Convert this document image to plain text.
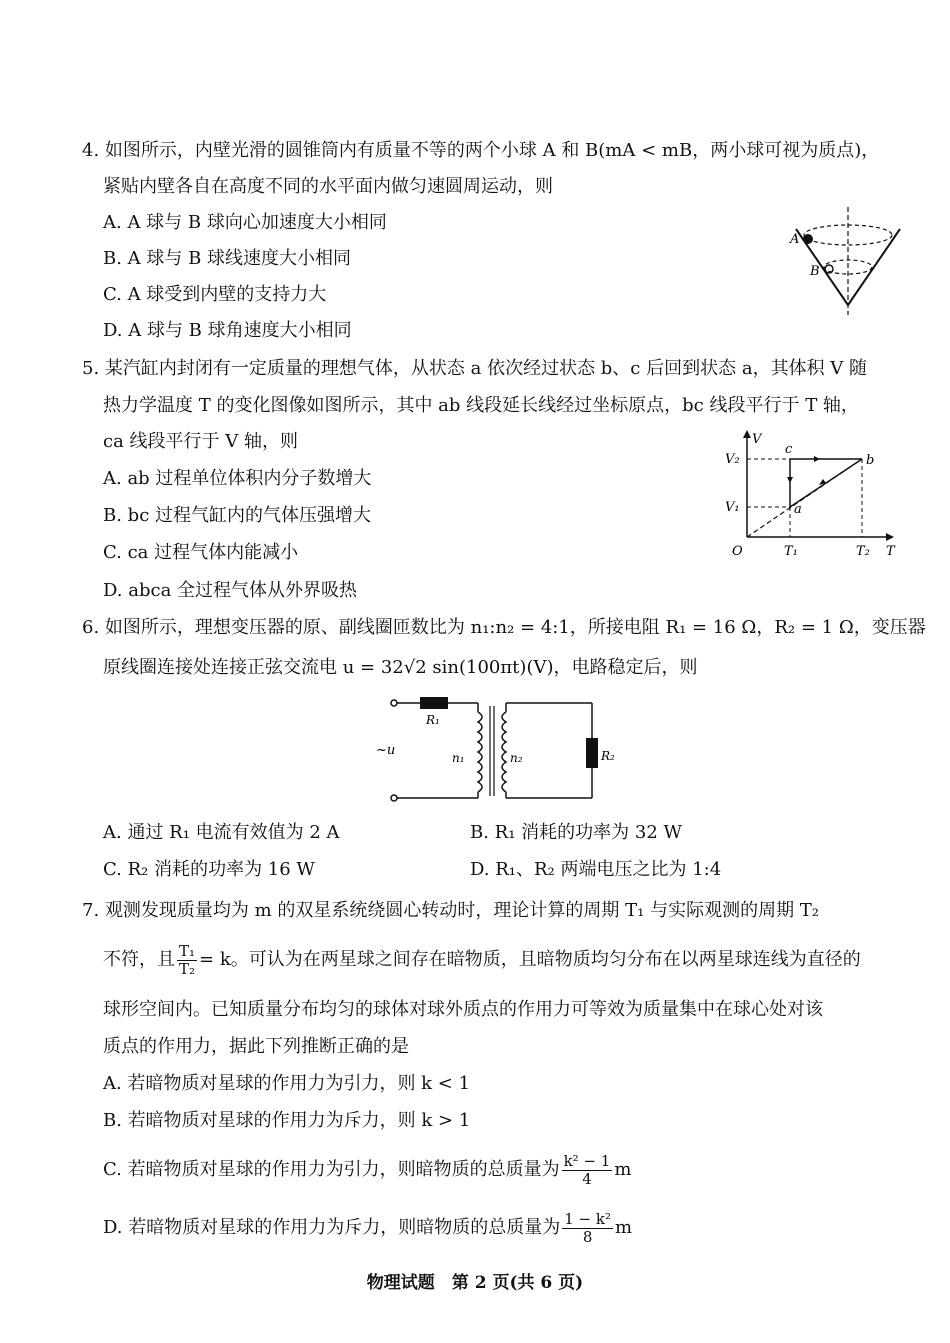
4. 如图所示，内壁光滑的圆锥筒内有质量不等的两个小球 A 和 B(mA < mB，两小球可视为质点)，
紧贴内壁各自在高度不同的水平面内做匀速圆周运动，则
A. A 球与 B 球向心加速度大小相同
B. A 球与 B 球线速度大小相同
C. A 球受到内壁的支持力大
D. A 球与 B 球角速度大小相同
A
B
5. 某汽缸内封闭有一定质量的理想气体，从状态 a 依次经过状态 b、c 后回到状态 a，其体积 V 随
热力学温度 T 的变化图像如图所示，其中 ab 线段延长线经过坐标原点，bc 线段平行于 T 轴，
ca 线段平行于 V 轴，则
A. ab 过程单位体积内分子数增大
B. bc 过程气缸内的气体压强增大
C. ca 过程气体内能减小
D. abca 全过程气体从外界吸热
V
T
O
V₂
V₁
T₁	T₂
a
b
c
6. 如图所示，理想变压器的原、副线圈匝数比为 n₁:n₂ = 4:1，所接电阻 R₁ = 16 Ω，R₂ = 1 Ω，变压器
原线圈连接处连接正弦交流电 u = 32√2 sin(100πt)(V)，电路稳定后，则
~u
R₁
n₁	n₂	R₂
A. 通过 R₁ 电流有效值为 2 A	B. R₁ 消耗的功率为 32 W
C. R₂ 消耗的功率为 16 W	D. R₁、R₂ 两端电压之比为 1:4
7. 观测发现质量均为 m 的双星系统绕圆心转动时，理论计算的周期 T₁ 与实际观测的周期 T₂
不符，且 $\frac{\text{T₁}}{\text{T₂}} = k$。可认为在两星球之间存在暗物质，且暗物质均匀分布在以两星球连线为直径的
球形空间内。已知质量分布均匀的球体对球外质点的作用力可等效为质量集中在球心处对该
质点的作用力，据此下列推断正确的是
A. 若暗物质对星球的作用力为引力，则 k < 1
B. 若暗物质对星球的作用力为斥力，则 k > 1
C. 若暗物质对星球的作用力为引力，则暗物质的总质量为 $\frac{\text{k² − 1}}{4}$ m
D. 若暗物质对星球的作用力为斥力，则暗物质的总质量为 $\frac{\text{1 − k²}}{8}$ m
物理试题　第 2 页(共 6 页)
